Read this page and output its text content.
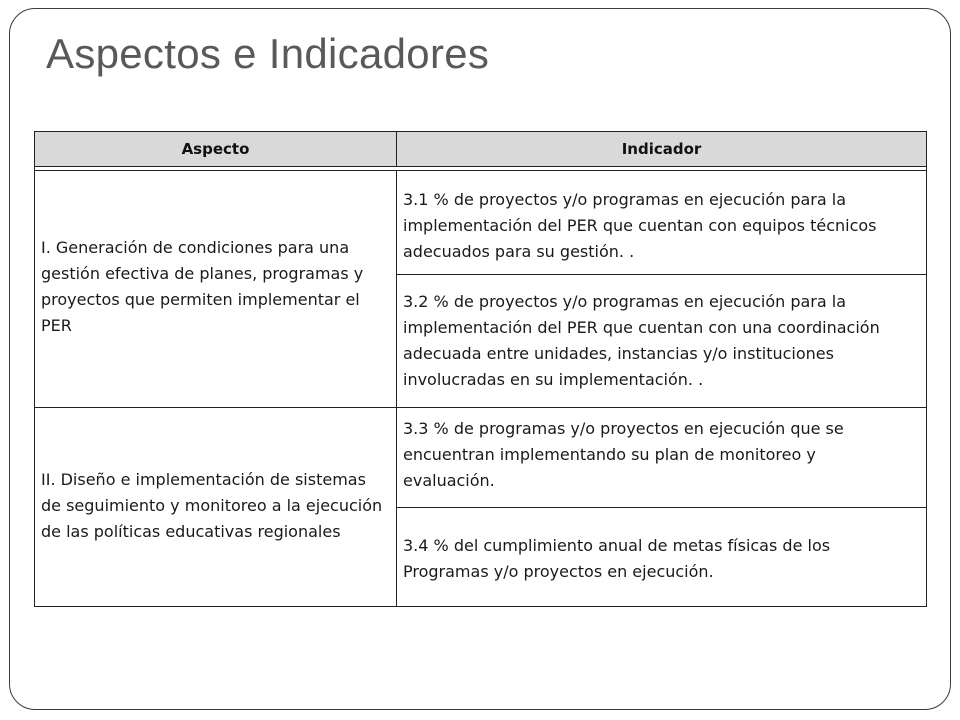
Aspectos e Indicadores
Aspecto	Indicador
I. Generación de condiciones para una
gestión efectiva de planes, programas y
proyectos que permiten implementar el
PER
II. Diseño e implementación de sistemas
de seguimiento y monitoreo a la ejecución
de las políticas educativas regionales
3.1 % de proyectos y/o programas en ejecución para la
implementación del PER que cuentan con equipos técnicos
adecuados para su gestión. .
3.2 % de proyectos y/o programas en ejecución para la
implementación del PER que cuentan con una coordinación
adecuada entre unidades, instancias y/o instituciones
involucradas en su implementación. .
3.3 % de programas y/o proyectos en ejecución que se
encuentran implementando su plan de monitoreo y
evaluación.
3.4 % del cumplimiento anual de metas físicas de los
Programas y/o proyectos en ejecución.
